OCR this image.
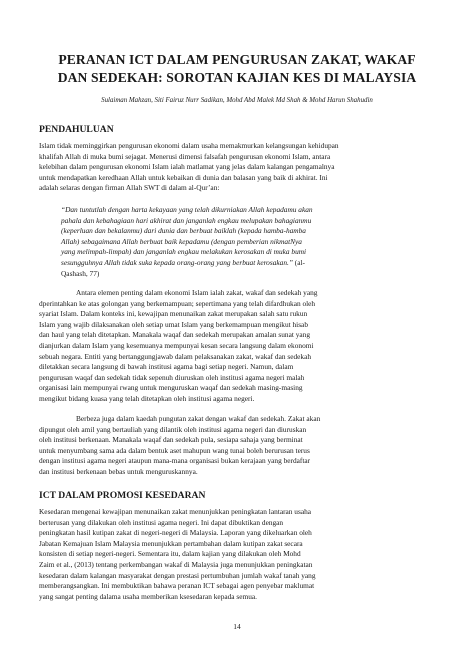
PERANAN ICT DALAM PENGURUSAN ZAKAT, WAKAF
DAN SEDEKAH: SOROTAN KAJIAN KES DI MALAYSIA
Sulaiman Mahzan, Siti Fairuz Nurr Sadikan, Mohd Abd Malek Md Shah & Mohd Harun Shahudin
PENDAHULUAN
Islam tidak meminggirkan pengurusan ekonomi dalam usaha memakmurkan kelangsungan kehidupan
khalifah Allah di muka bumi sejagat. Menerusi dimensi falsafah pengurusan ekonomi Islam, antara
kelebihan dalam pengurusan ekonomi Islam ialah matlamat yang jelas dalam kalangan pengamalnya
untuk mendapatkan keredhaan Allah untuk kebaikan di dunia dan balasan yang baik di akhirat. Ini
adalah selaras dengan firman Allah SWT di dalam al-Qur’an:
“Dan tuntutlah dengan harta kekayaan yang telah dikurniakan Allah kepadamu akan
pahala dan kebahagiaan hari akhirat dan janganlah engkau melupakan bahagianmu
(keperluan dan bekalanmu) dari dunia dan berbuat baiklah (kepada hamba-hamba
Allah) sebagaimana Allah berbuat baik kepadamu (dengan pemberian nikmatNya
yang melimpah-limpah) dan janganlah engkau melakukan kerosakan di muka bumi
sesungguhnya Allah tidak suka kepada orang-orang yang berbuat kerosakan.” (al-
Qashash, 77)
Antara elemen penting dalam ekonomi Islam ialah zakat, wakaf dan sedekah yang
dperintahkan ke atas golongan yang berkemampuan; sepertimana yang telah difardhukan oleh
syariat Islam. Dalam konteks ini, kewajipan menunaikan zakat merupakan salah satu rukun
Islam yang wajib dilaksanakan oleh setiap umat Islam yang berkemampuan mengikut hisab
dan haul yang telah ditetapkan. Manakala waqaf dan sedekah merupakan amalan sunat yang
dianjurkan dalam Islam yang kesemuanya mempunyai kesan secara langsung dalam ekonomi
sebuah negara. Entiti yang bertanggungjawab dalam pelaksanakan zakat, wakaf dan sedekah
diletakkan secara langsung di bawah institusi agama bagi setiap negeri. Namun, dalam
pengurusan waqaf dan sedekah tidak sepenuh diuruskan oleh institusi agama negeri malah
organisasi lain mempunyai rwang untuk menguruskan waqaf dan sedekah masing-masing
mengikut bidang kuasa yang telah ditetapkan oleh institusi agama negeri.
Berbeza juga dalam kaedah pungutan zakat dengan wakaf dan sedekah. Zakat akan
dipungut oleh amil yang bertauliah yang dilantik oleh institusi agama negeri dan diuruskan
oleh institusi berkenaan. Manakala waqaf dan sedekah pula, sesiapa sahaja yang berminat
untuk menyumbang sama ada dalam bentuk aset mahupun wang tunai boleh berurusan terus
dengan institusi agama negeri ataupun mana-mana organisasi bukan kerajaan yang berdaftar
dan institusi berkenaan bebas untuk menguruskannya.
ICT DALAM PROMOSI KESEDARAN
Kesedaran mengenai kewajipan menunaikan zakat menunjukkan peningkatan lantaran usaha
berterusan yang dilakukan oleh institusi agama negeri. Ini dapat dibuktikan dengan
peningkatan hasil kutipan zakat di negeri-negeri di Malaysia. Laporan yang dikeluarkan oleh
Jabatan Kemajuan Islam Malaysia menunjukkan pertambahan dalam kutipan zakat secara
konsisten di setiap negeri-negeri. Sementara itu, dalam kajian yang dilakukan oleh Mohd
Zaim et al., (2013) tentang perkembangan wakaf di Malaysia juga menunjukkan peningkatan
kesedaran dalam kalangan masyarakat dengan prestasi pertumbuhan jumlah wakaf tanah yang
memberangsangkan. Ini membuktikan bahawa peranan ICT sebagai agen penyebar maklumat
yang sangat penting dalama usaha memberikan ksesedaran kepada semua.
14
